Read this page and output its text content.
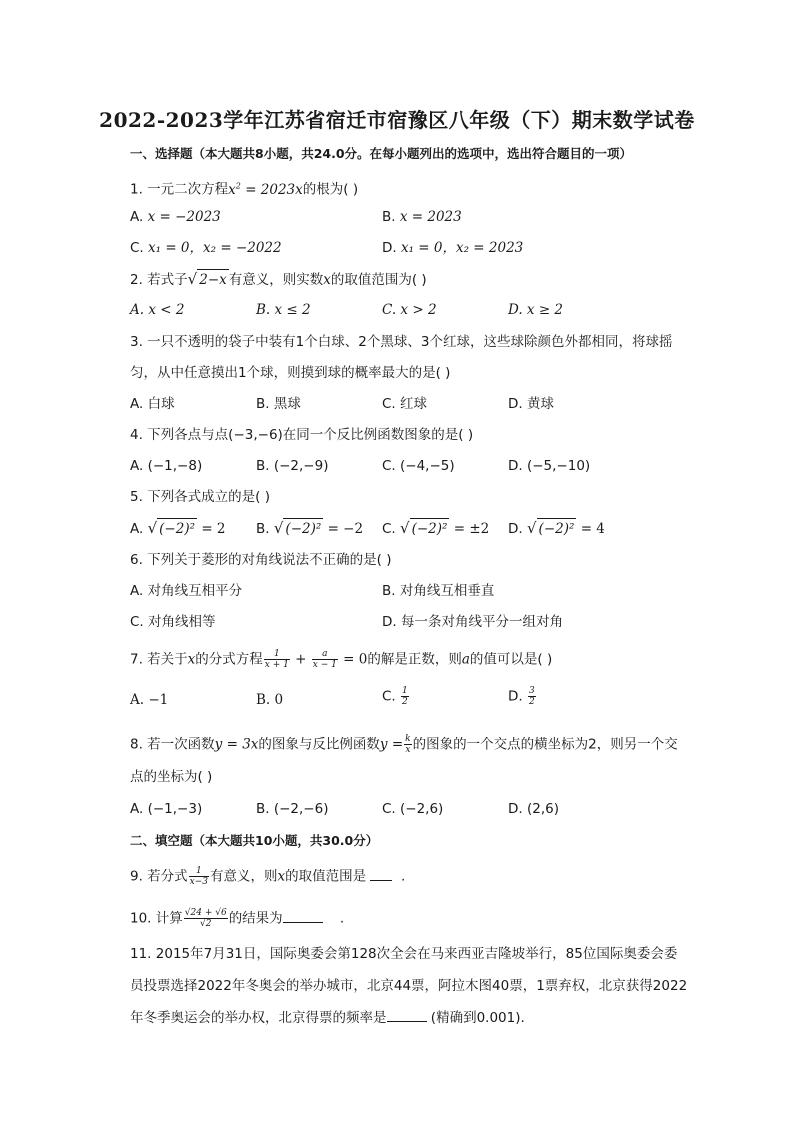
2022-2023学年江苏省宿迁市宿豫区八年级（下）期末数学试卷
一、选择题（本大题共8小题，共24.0分。在每小题列出的选项中，选出符合题目的一项）
1. 一元二次方程$x^2 = 2023x$的根为( )
A. x = −2023	B. x = 2023
C. x₁ = 0，x₂ = −2022	D. x₁ = 0，x₂ = 2023
2. 若式子√ 2−x 有意义，则实数x的取值范围为( )
A. x < 2	B. x ≤ 2	C. x > 2	D. x ≥ 2
3. 一只不透明的袋子中装有1个白球、2个黑球、3个红球，这些球除颜色外都相同，将球摇
匀，从中任意摸出1个球，则摸到球的概率最大的是( )
A. 白球	B. 黑球	C. 红球	D. 黄球
4. 下列各点与点(−3,−6)在同一个反比例函数图象的是( )
A. (−1,−8)	B. (−2,−9)	C. (−4,−5)	D. (−5,−10)
5. 下列各式成立的是( )
A. √ (−2)² = 2 B. √ (−2)² = −2 C. √ (−2)² = ±2 D. √ (−2)² = 4
6. 下列关于菱形的对角线说法不正确的是( )
A. 对角线互相平分	B. 对角线互相垂直
C. 对角线相等	D. 每一条对角线平分一组对角
7. 若关于x的分式方程 $\frac{1}{x + 1} + \frac{a}{x - 1} = 0$的解是正数，则a的值可以是( )
A. −1	B. 0	C. $\frac{1}{2}$	D. $\frac{3}{2}$
8. 若一次函数y = 3x的图象与反比例函数$y = \frac{k}{x}$ 的图象的一个交点的横坐标为2，则另一个交
点的坐标为( )
A. (−1,−3)	B. (−2,−6)	C. (−2,6)	D. (2,6)
二、填空题（本大题共10小题，共30.0分）
9. 若分式 $\frac{1}{x-3}$ 有意义，则x的取值范围是	.
10. 计算 $\frac{√24 + √6}{√2}$ 的结果为	.
11. 2015年7月31日，国际奥委会第128次全会在马来西亚吉隆坡举行，85位国际奥委会委
员投票选择2022年冬奥会的举办城市，北京44票，阿拉木图40票，1票弃权，北京获得2022
年冬季奥运会的举办权，北京得票的频率是	(精确到0.001).
